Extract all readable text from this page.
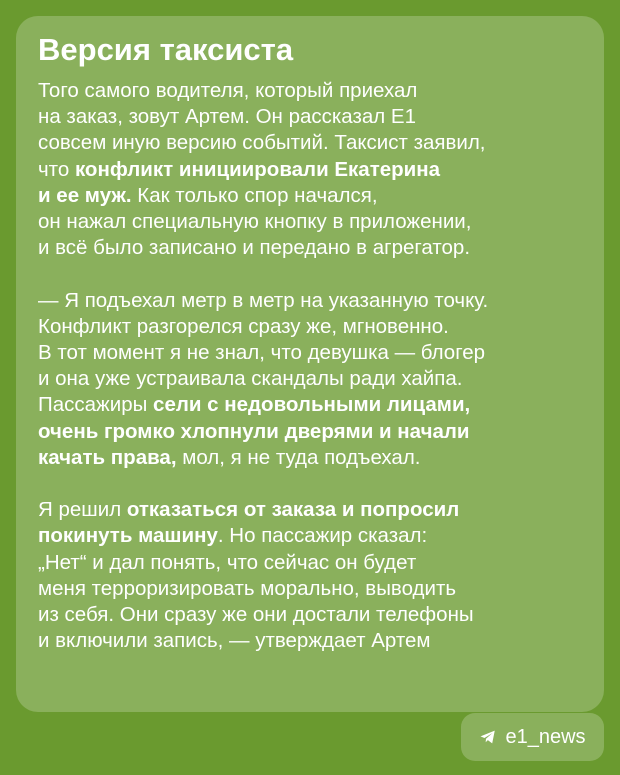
Версия таксиста

Того самого водителя, который приехал
на заказ, зовут Артем. Он рассказал Е1
совсем иную версию событий. Таксист заявил,
что конфликт инициировали Екатерина
и ее муж. Как только спор начался,
он нажал специальную кнопку в приложении,
и всё было записано и передано в агрегатор.

— Я подъехал метр в метр на указанную точку.
Конфликт разгорелся сразу же, мгновенно.
В тот момент я не знал, что девушка — блогер
и она уже устраивала скандалы ради хайпа.
Пассажиры сели с недовольными лицами,
очень громко хлопнули дверями и начали
качать права, мол, я не туда подъехал.

Я решил отказаться от заказа и попросил
покинуть машину. Но пассажир сказал:
„Нет“ и дал понять, что сейчас он будет
меня терроризировать морально, выводить
из себя. Они сразу же они достали телефоны
и включили запись, — утверждает Артем

e1_news
